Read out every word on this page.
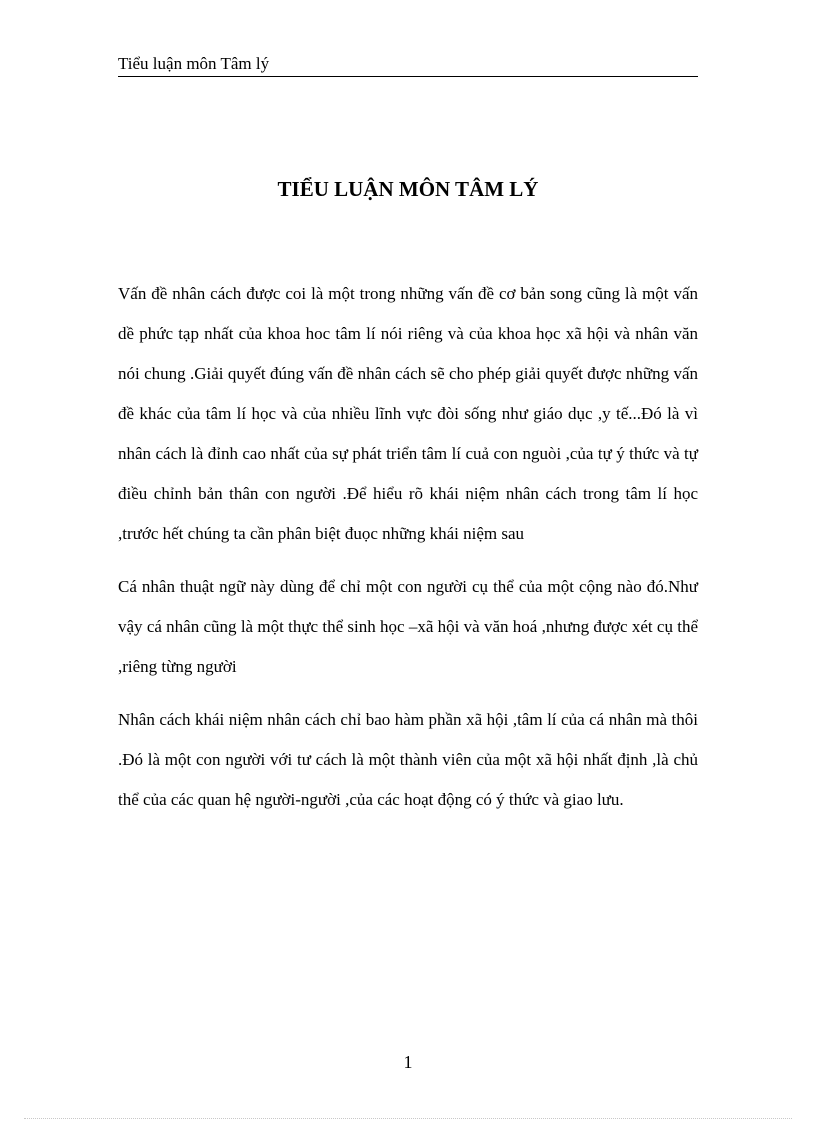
Tiểu luận môn Tâm lý
TIỂU LUẬN MÔN TÂM LÝ

Vấn đề nhân cách được coi là một trong những vấn đề cơ bản song cũng là một vấn dề phức tạp nhất của khoa hoc tâm lí nói riêng và của khoa học xã hội và nhân văn nói chung .Giải quyết đúng vấn đề nhân cách sẽ cho phép giải quyết được những vấn đề khác của tâm lí học và của nhiều lĩnh vực đòi sống như giáo dục ,y tế...Đó là vì nhân cách là đỉnh cao nhất của sự phát triển tâm lí cuả con nguòi ,của tự ý thức và tự điều chỉnh bản thân con người .Để hiểu rõ khái niệm nhân cách trong tâm lí học ,trước hết chúng ta cần phân biệt đuọc những khái niệm sau

Cá nhân thuật ngữ này dùng để chỉ một con người cụ thể của một cộng nào đó.Như vậy cá nhân cũng là một thực thể sinh học –xã hội và văn hoá ,nhưng được xét cụ thể ,riêng từng người

Nhân cách khái niệm nhân cách chỉ bao hàm phần xã hội ,tâm lí của cá nhân mà thôi .Đó là một con người với tư cách là một thành viên của một xã hội nhất định ,là chủ thể của các quan hệ người-người ,của các hoạt động có ý thức và giao lưu.

1
